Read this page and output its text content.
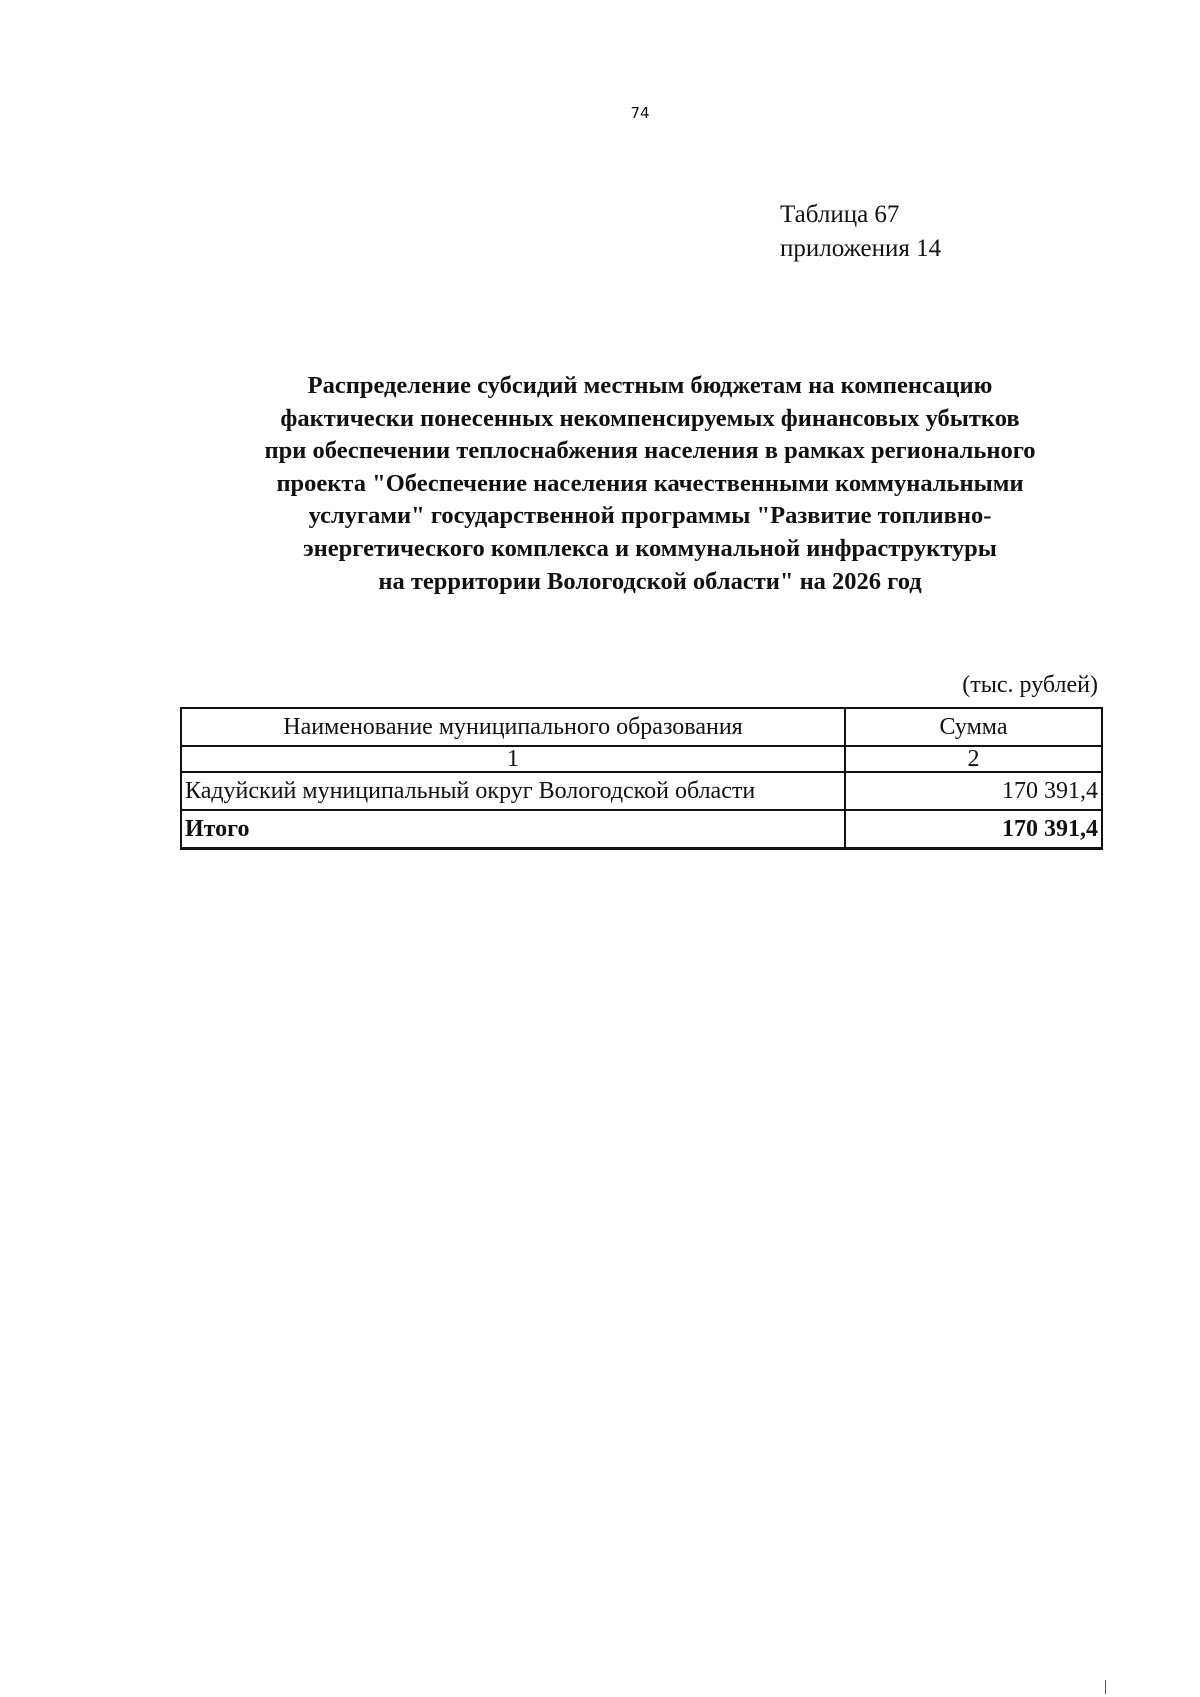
74
Таблица 67
приложения 14
Распределение субсидий местным бюджетам на компенсацию
фактически понесенных некомпенсируемых финансовых убытков
при обеспечении теплоснабжения населения в рамках регионального
проекта "Обеспечение населения качественными коммунальными
услугами" государственной программы "Развитие топливно-
энергетического комплекса и коммунальной инфраструктуры
на территории Вологодской области" на 2026 год
(тыс. рублей)
Наименование муниципального образования	Сумма
1	2
Кадуйский муниципальный округ Вологодской области	170 391,4
Итого	170 391,4
